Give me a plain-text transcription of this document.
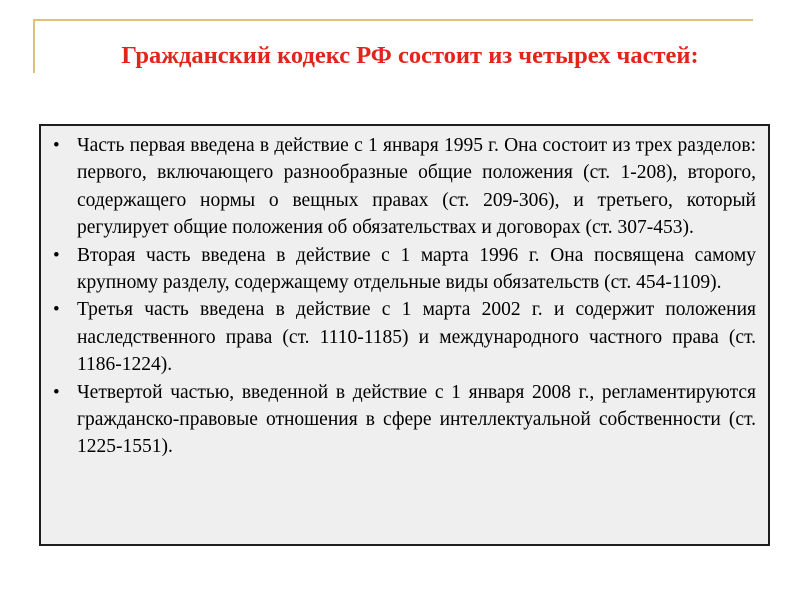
Гражданский кодекс РФ состоит из четырех частей:
• Часть первая введена в действие с 1 января 1995 г. Она состоит из трех разделов: первого, включающего разнообразные общие положения (ст. 1-208), второго, содержащего нормы о вещных правах (ст. 209-306), и третьего, который регулирует общие положения об обязательствах и договорах (ст. 307-453).
• Вторая часть введена в действие с 1 марта 1996 г. Она посвящена самому крупному разделу, содержащему отдельные виды обязательств (ст. 454-1109).
• Третья часть введена в действие с 1 марта 2002 г. и содержит положения наследственного права (ст. 1110-1185) и международного частного права (ст. 1186-1224).
• Четвертой частью, введенной в действие с 1 января 2008 г., регламентируются гражданско-правовые отношения в сфере интеллектуальной собственности (ст. 1225-1551).
